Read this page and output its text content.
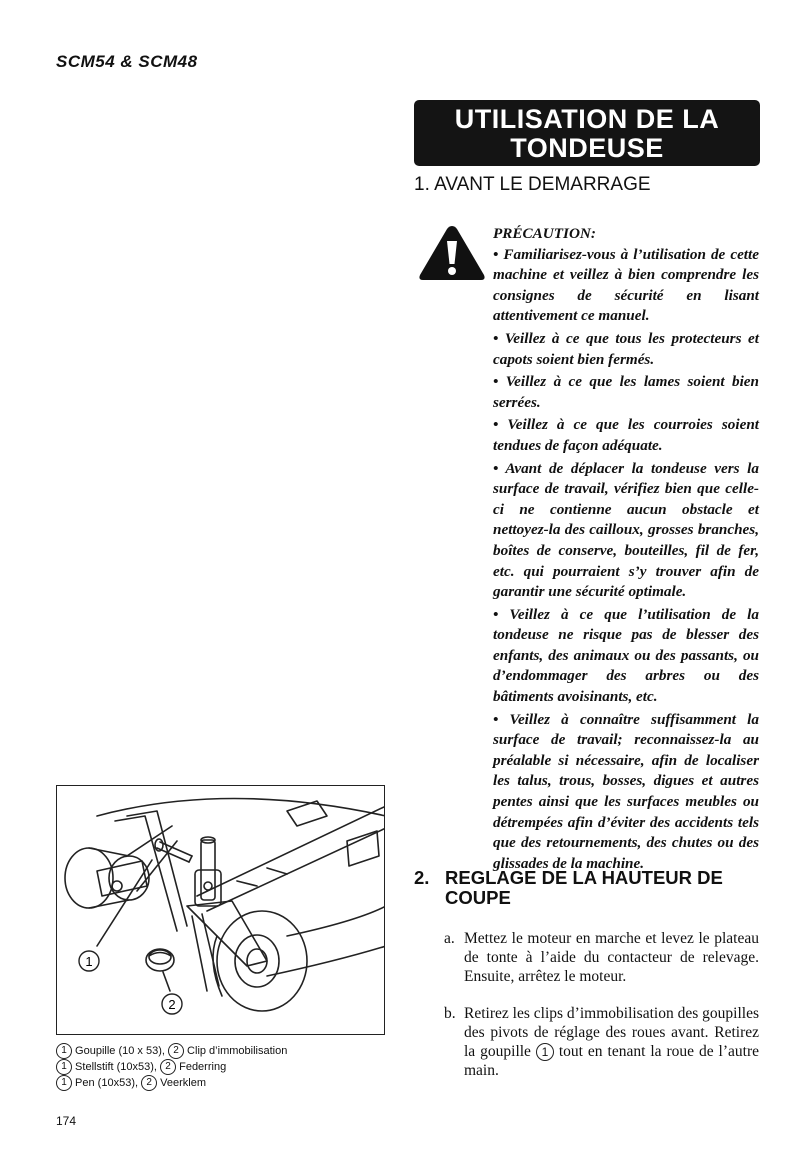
SCM54 & SCM48
UTILISATION DE LA
TONDEUSE
1. AVANT LE DEMARRAGE
PRÉCAUTION:
• Familiarisez-vous à l’utilisation de cette machine et veillez à bien comprendre les consignes de sécurité en lisant attentivement ce manuel.
• Veillez à ce que tous les protecteurs et capots soient bien fermés.
• Veillez à ce que les lames soient bien serrées.
• Veillez à ce que les courroies soient tendues de façon adéquate.
• Avant de déplacer la tondeuse vers la surface de travail, vérifiez bien que celle-ci ne contienne aucun obstacle et nettoyez-la des cailloux, grosses branches, boîtes de conserve, bouteilles, fil de fer, etc. qui pourraient s’y trouver afin de garantir une sécurité optimale.
• Veillez à ce que l’utilisation de la tondeuse ne risque pas de blesser des enfants, des animaux ou des passants, ou d’endommager des arbres ou des bâtiments avoisinants, etc.
• Veillez à connaître suffisamment la surface de travail; reconnaissez-la au préalable si nécessaire, afin de localiser les talus, trous, bosses, digues et autres pentes ainsi que les surfaces meubles ou détrempées afin d’éviter des accidents tels que des retournements, des chutes ou des glissades de la machine.
2. REGLAGE DE LA HAUTEUR DE COUPE
a. Mettez le moteur en marche et levez le plateau de tonte à l’aide du contacteur de relevage. Ensuite, arrêtez le moteur.
b. Retirez les clips d’immobilisation des goupilles des pivots de réglage des roues avant. Retirez la goupille 1 tout en tenant la roue de l’autre main.
1
2
1 Goupille (10 x 53), 2 Clip d’immobilisation
1 Stellstift (10x53), 2 Federring
1 Pen (10x53), 2 Veerklem
174
